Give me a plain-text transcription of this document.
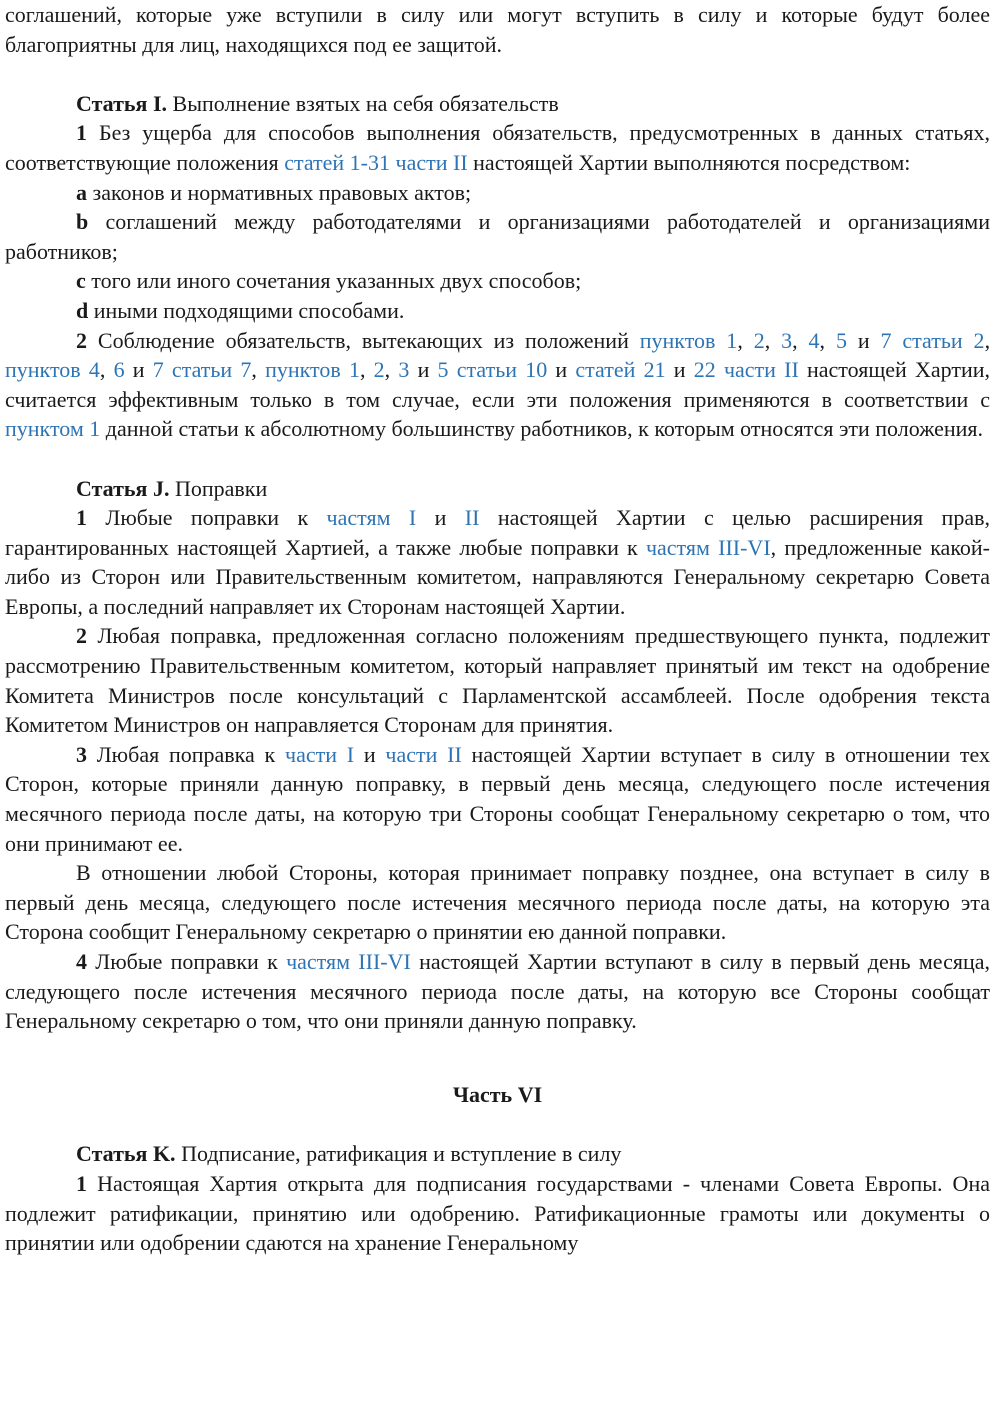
соглашений, которые уже вступили в силу или могут вступить в силу и которые будут более благоприятны для лиц, находящихся под ее защитой.

Статья I. Выполнение взятых на себя обязательств

1 Без ущерба для способов выполнения обязательств, предусмотренных в данных статьях, соответствующие положения статей 1-31 части II настоящей Хартии выполняются посредством:

a законов и нормативных правовых актов;

b соглашений между работодателями и организациями работодателей и организациями работников;

c того или иного сочетания указанных двух способов;

d иными подходящими способами.

2 Соблюдение обязательств, вытекающих из положений пунктов 1, 2, 3, 4, 5 и 7 статьи 2, пунктов 4, 6 и 7 статьи 7, пунктов 1, 2, 3 и 5 статьи 10 и статей 21 и 22 части II настоящей Хартии, считается эффективным только в том случае, если эти положения применяются в соответствии с пунктом 1 данной статьи к абсолютному большинству работников, к которым относятся эти положения.

Статья J. Поправки

1 Любые поправки к частям I и II настоящей Хартии с целью расширения прав, гарантированных настоящей Хартией, а также любые поправки к частям III-VI, предложенные какой-либо из Сторон или Правительственным комитетом, направляются Генеральному секретарю Совета Европы, а последний направляет их Сторонам настоящей Хартии.

2 Любая поправка, предложенная согласно положениям предшествующего пункта, подлежит рассмотрению Правительственным комитетом, который направляет принятый им текст на одобрение Комитета Министров после консультаций с Парламентской ассамблеей. После одобрения текста Комитетом Министров он направляется Сторонам для принятия.

3 Любая поправка к части I и части II настоящей Хартии вступает в силу в отношении тех Сторон, которые приняли данную поправку, в первый день месяца, следующего после истечения месячного периода после даты, на которую три Стороны сообщат Генеральному секретарю о том, что они принимают ее.

В отношении любой Стороны, которая принимает поправку позднее, она вступает в силу в первый день месяца, следующего после истечения месячного периода после даты, на которую эта Сторона сообщит Генеральному секретарю о принятии ею данной поправки.

4 Любые поправки к частям III-VI настоящей Хартии вступают в силу в первый день месяца, следующего после истечения месячного периода после даты, на которую все Стороны сообщат Генеральному секретарю о том, что они приняли данную поправку.

Часть VI

Статья K. Подписание, ратификация и вступление в силу

1 Настоящая Хартия открыта для подписания государствами - членами Совета Европы. Она подлежит ратификации, принятию или одобрению. Ратификационные грамоты или документы о принятии или одобрении сдаются на хранение Генеральному
